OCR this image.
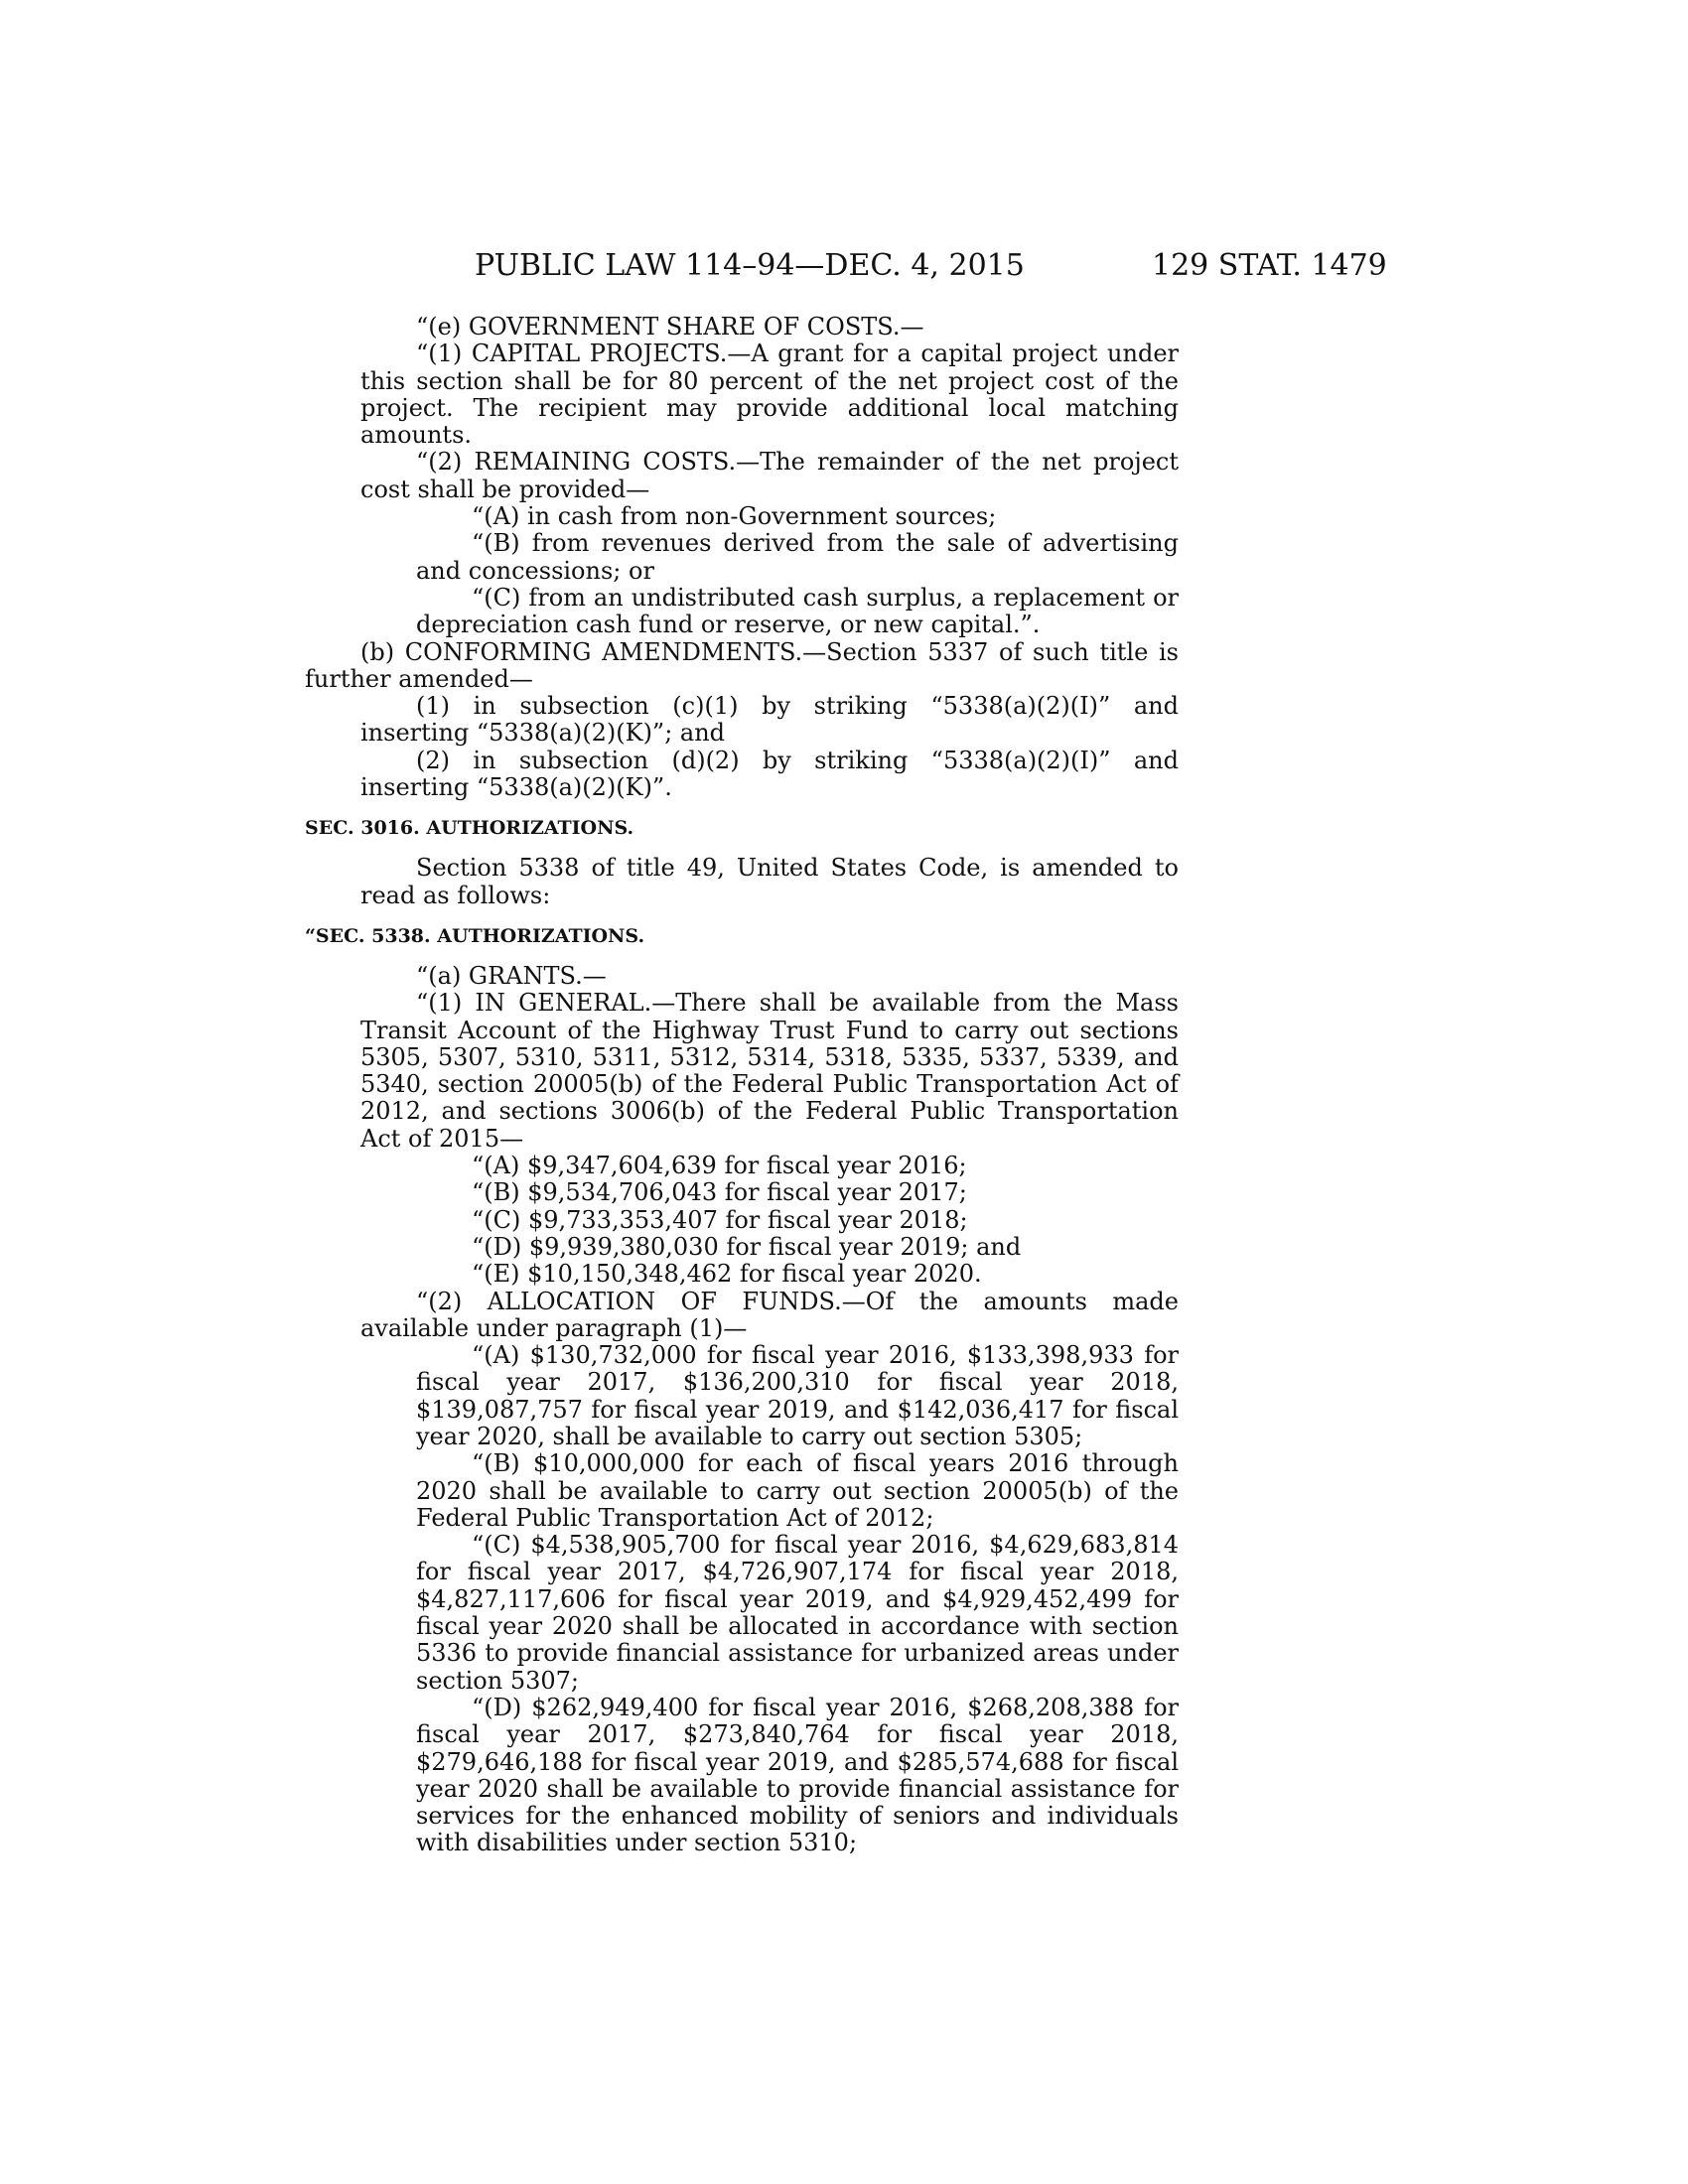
PUBLIC LAW 114–94—DEC. 4, 2015	129 STAT. 1479

“(e) GOVERNMENT SHARE OF COSTS.—

“(1) CAPITAL PROJECTS.—A grant for a capital project under this section shall be for 80 percent of the net project cost of the project. The recipient may provide additional local matching amounts.

“(2) REMAINING COSTS.—The remainder of the net project cost shall be provided—

“(A) in cash from non-Government sources;

“(B) from revenues derived from the sale of advertising and concessions; or

“(C) from an undistributed cash surplus, a replacement or depreciation cash fund or reserve, or new capital.”.

(b) CONFORMING AMENDMENTS.—Section 5337 of such title is further amended—

(1) in subsection (c)(1) by striking “5338(a)(2)(I)” and inserting “5338(a)(2)(K)”; and

(2) in subsection (d)(2) by striking “5338(a)(2)(I)” and inserting “5338(a)(2)(K)”.

SEC. 3016. AUTHORIZATIONS.

Section 5338 of title 49, United States Code, is amended to read as follows:

“SEC. 5338. AUTHORIZATIONS.

“(a) GRANTS.—

“(1) IN GENERAL.—There shall be available from the Mass Transit Account of the Highway Trust Fund to carry out sections 5305, 5307, 5310, 5311, 5312, 5314, 5318, 5335, 5337, 5339, and 5340, section 20005(b) of the Federal Public Transportation Act of 2012, and sections 3006(b) of the Federal Public Transportation Act of 2015—

“(A) $9,347,604,639 for fiscal year 2016;

“(B) $9,534,706,043 for fiscal year 2017;

“(C) $9,733,353,407 for fiscal year 2018;

“(D) $9,939,380,030 for fiscal year 2019; and

“(E) $10,150,348,462 for fiscal year 2020.

“(2) ALLOCATION OF FUNDS.—Of the amounts made available under paragraph (1)—

“(A) $130,732,000 for fiscal year 2016, $133,398,933 for fiscal year 2017, $136,200,310 for fiscal year 2018, $139,087,757 for fiscal year 2019, and $142,036,417 for fiscal year 2020, shall be available to carry out section 5305;

“(B) $10,000,000 for each of fiscal years 2016 through 2020 shall be available to carry out section 20005(b) of the Federal Public Transportation Act of 2012;

“(C) $4,538,905,700 for fiscal year 2016, $4,629,683,814 for fiscal year 2017, $4,726,907,174 for fiscal year 2018, $4,827,117,606 for fiscal year 2019, and $4,929,452,499 for fiscal year 2020 shall be allocated in accordance with section 5336 to provide financial assistance for urbanized areas under section 5307;

“(D) $262,949,400 for fiscal year 2016, $268,208,388 for fiscal year 2017, $273,840,764 for fiscal year 2018, $279,646,188 for fiscal year 2019, and $285,574,688 for fiscal year 2020 shall be available to provide financial assistance for services for the enhanced mobility of seniors and individuals with disabilities under section 5310;
